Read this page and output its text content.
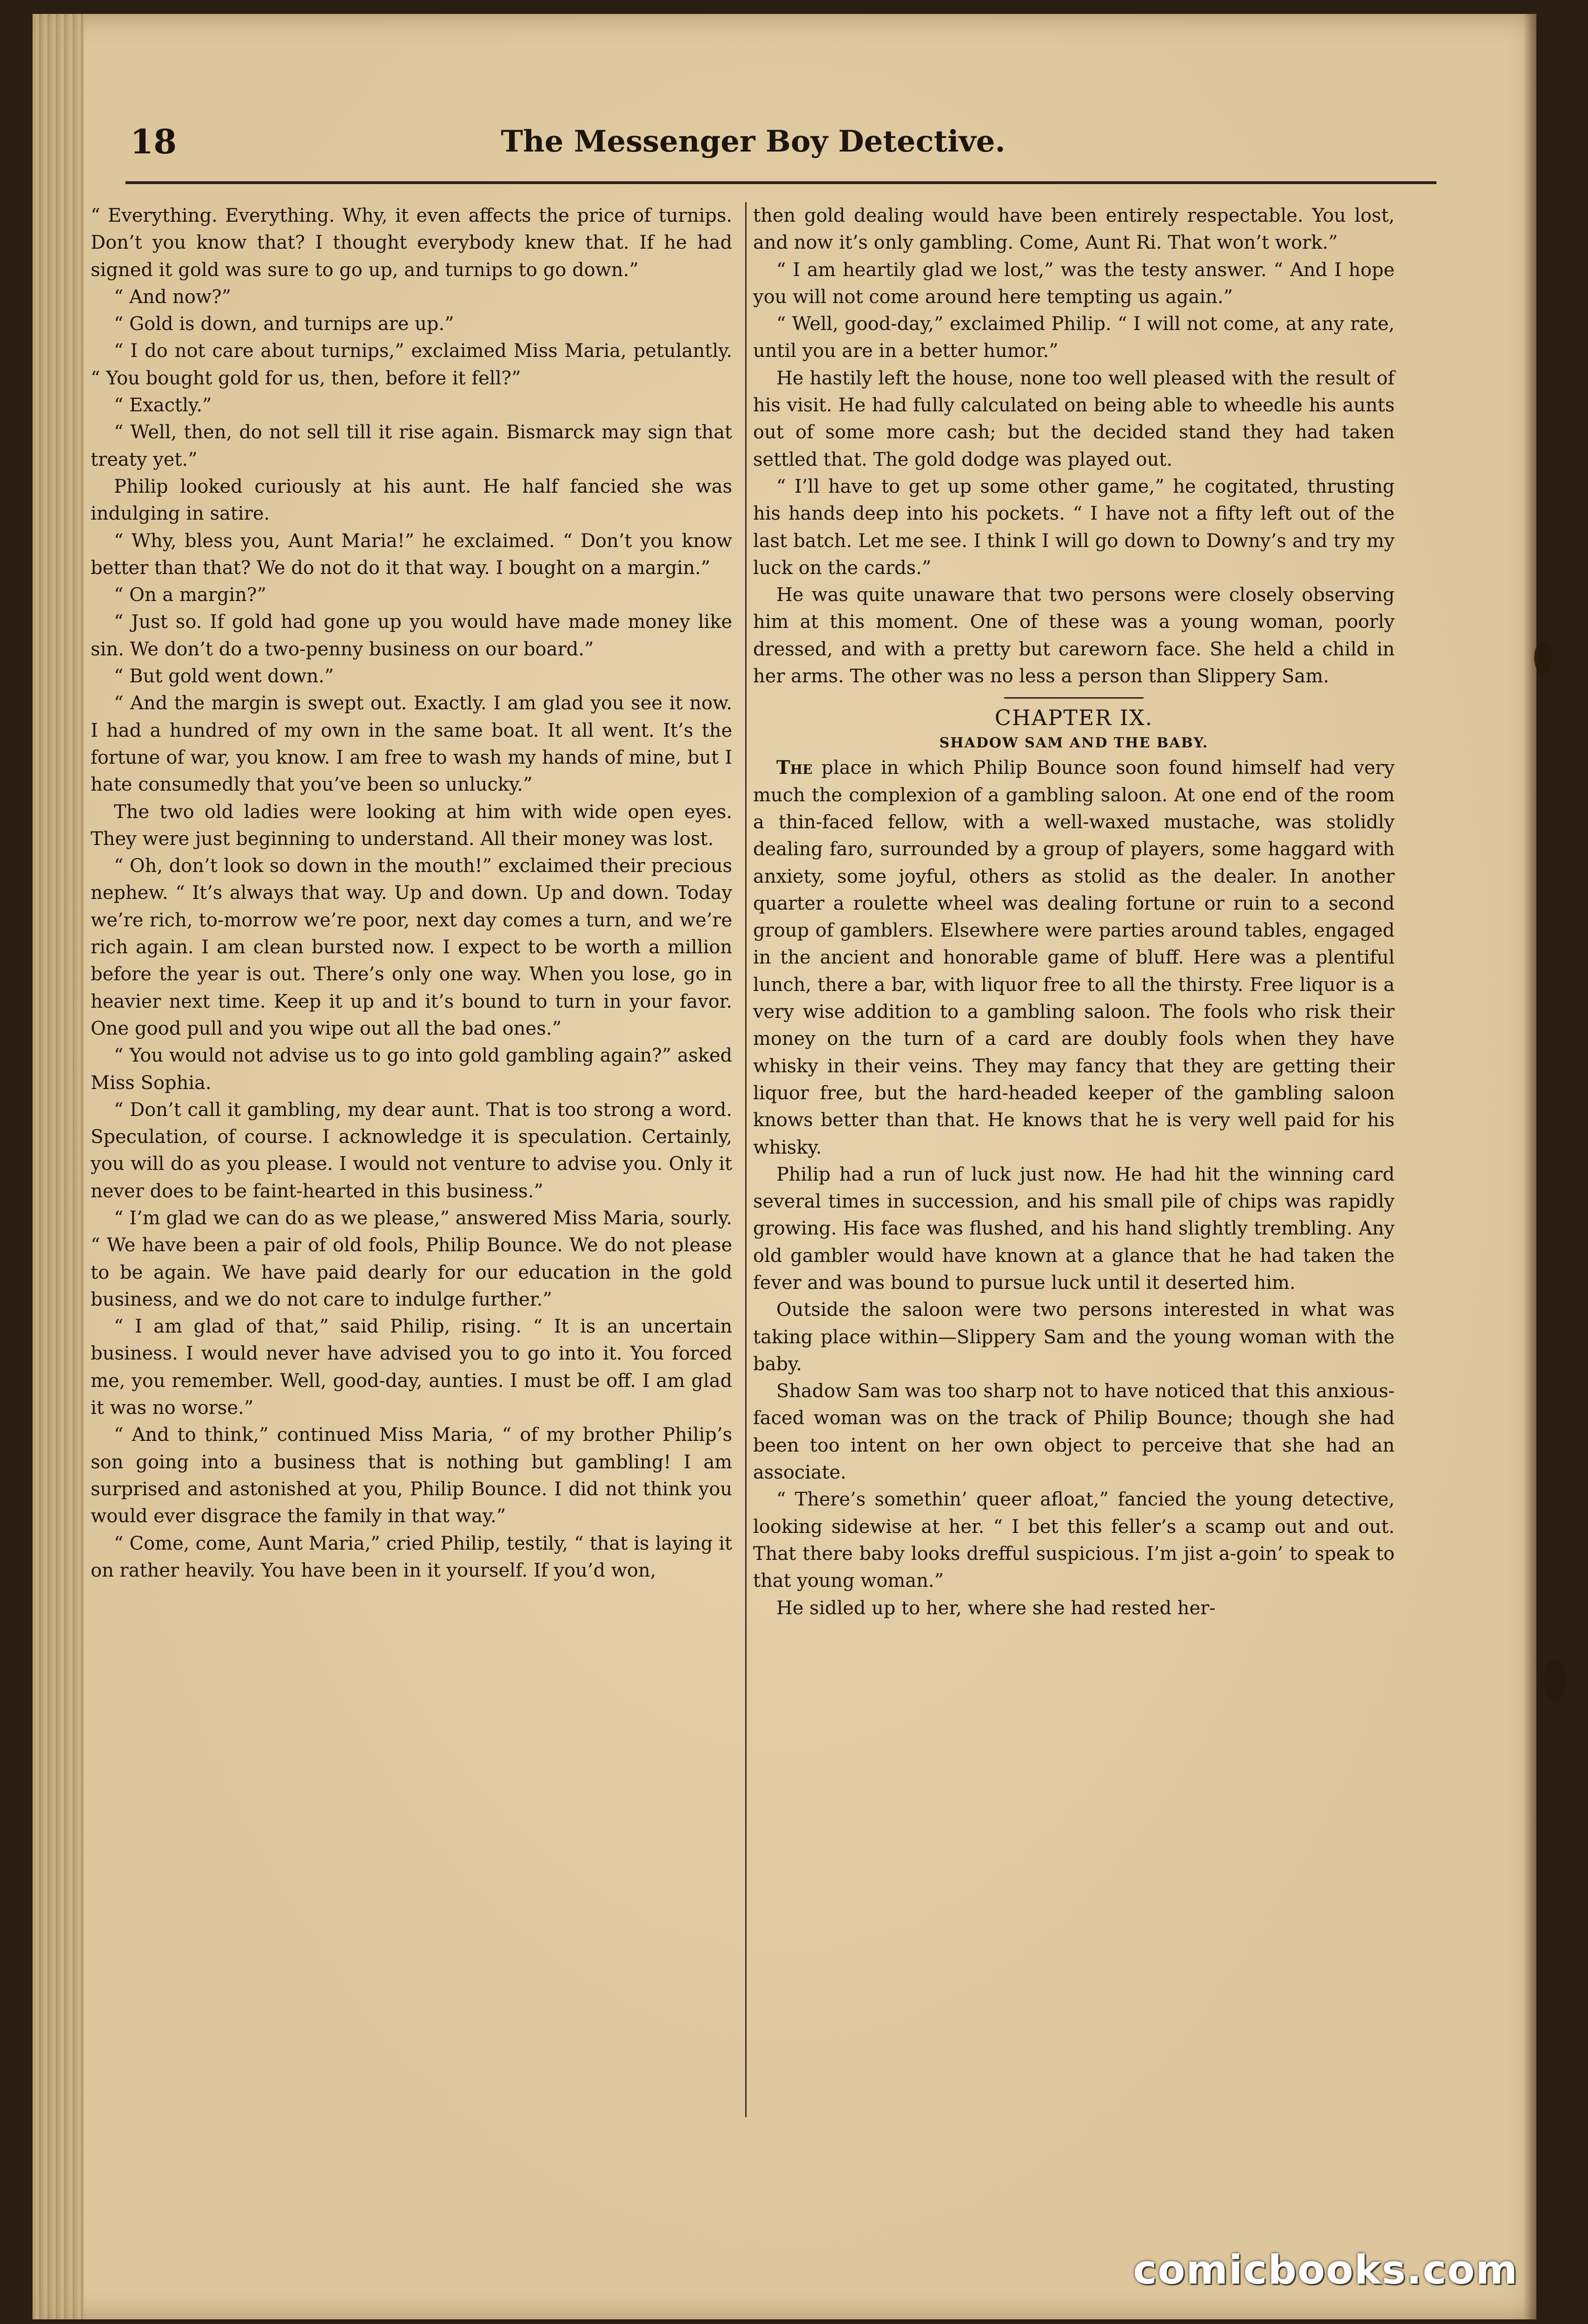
18	The Messenger Boy Detective.

“ Everything. Everything. Why, it even affects the price of turnips. Don’t you know that? I thought everybody knew that. If he had signed it gold was sure to go up, and turnips to go down.”

“ And now?”

“ Gold is down, and turnips are up.”

“ I do not care about turnips,” exclaimed Miss Maria, petulantly. “ You bought gold for us, then, before it fell?”

“ Exactly.”

“ Well, then, do not sell till it rise again. Bismarck may sign that treaty yet.”

Philip looked curiously at his aunt. He half fancied she was indulging in satire.

“ Why, bless you, Aunt Maria!” he exclaimed. “ Don’t you know better than that? We do not do it that way. I bought on a margin.”

“ On a margin?”

“ Just so. If gold had gone up you would have made money like sin. We don’t do a two-penny business on our board.”

“ But gold went down.”

“ And the margin is swept out. Exactly. I am glad you see it now. I had a hundred of my own in the same boat. It all went. It’s the fortune of war, you know. I am free to wash my hands of mine, but I hate consumedly that you’ve been so unlucky.”

The two old ladies were looking at him with wide open eyes. They were just beginning to understand. All their money was lost.

“ Oh, don’t look so down in the mouth!” exclaimed their precious nephew. “ It’s always that way. Up and down. Up and down. Today we’re rich, to-morrow we’re poor, next day comes a turn, and we’re rich again. I am clean bursted now. I expect to be worth a million before the year is out. There’s only one way. When you lose, go in heavier next time. Keep it up and it’s bound to turn in your favor. One good pull and you wipe out all the bad ones.”

“ You would not advise us to go into gold gambling again?” asked Miss Sophia.

“ Don’t call it gambling, my dear aunt. That is too strong a word. Speculation, of course. I acknowledge it is speculation. Certainly, you will do as you please. I would not venture to advise you. Only it never does to be faint-hearted in this business.”

“ I’m glad we can do as we please,” answered Miss Maria, sourly. “ We have been a pair of old fools, Philip Bounce. We do not please to be again. We have paid dearly for our education in the gold business, and we do not care to indulge further.”

“ I am glad of that,” said Philip, rising. “ It is an uncertain business. I would never have advised you to go into it. You forced me, you remember. Well, good-day, aunties. I must be off. I am glad it was no worse.”

“ And to think,” continued Miss Maria, “ of my brother Philip’s son going into a business that is nothing but gambling! I am surprised and astonished at you, Philip Bounce. I did not think you would ever disgrace the family in that way.”

“ Come, come, Aunt Maria,” cried Philip, testily, “ that is laying it on rather heavily. You have been in it yourself. If you’d won,

then gold dealing would have been entirely respectable. You lost, and now it’s only gambling. Come, Aunt Ri. That won’t work.”

“ I am heartily glad we lost,” was the testy answer. “ And I hope you will not come around here tempting us again.”

“ Well, good-day,” exclaimed Philip. “ I will not come, at any rate, until you are in a better humor.”

He hastily left the house, none too well pleased with the result of his visit. He had fully calculated on being able to wheedle his aunts out of some more cash; but the decided stand they had taken settled that. The gold dodge was played out.

“ I’ll have to get up some other game,” he cogitated, thrusting his hands deep into his pockets. “ I have not a fifty left out of the last batch. Let me see. I think I will go down to Downy’s and try my luck on the cards.”

He was quite unaware that two persons were closely observing him at this moment. One of these was a young woman, poorly dressed, and with a pretty but careworn face. She held a child in her arms. The other was no less a person than Slippery Sam.

CHAPTER IX.
SHADOW SAM AND THE BABY.

The place in which Philip Bounce soon found himself had very much the complexion of a gambling saloon. At one end of the room a thin-faced fellow, with a well-waxed mustache, was stolidly dealing faro, surrounded by a group of players, some haggard with anxiety, some joyful, others as stolid as the dealer. In another quarter a roulette wheel was dealing fortune or ruin to a second group of gamblers. Elsewhere were parties around tables, engaged in the ancient and honorable game of bluff. Here was a plentiful lunch, there a bar, with liquor free to all the thirsty. Free liquor is a very wise addition to a gambling saloon. The fools who risk their money on the turn of a card are doubly fools when they have whisky in their veins. They may fancy that they are getting their liquor free, but the hard-headed keeper of the gambling saloon knows better than that. He knows that he is very well paid for his whisky.

Philip had a run of luck just now. He had hit the winning card several times in succession, and his small pile of chips was rapidly growing. His face was flushed, and his hand slightly trembling. Any old gambler would have known at a glance that he had taken the fever and was bound to pursue luck until it deserted him.

Outside the saloon were two persons interested in what was taking place within—Slippery Sam and the young woman with the baby.

Shadow Sam was too sharp not to have noticed that this anxious-faced woman was on the track of Philip Bounce; though she had been too intent on her own object to perceive that she had an associate.

“ There’s somethin’ queer afloat,” fancied the young detective, looking sidewise at her. “ I bet this feller’s a scamp out and out. That there baby looks drefful suspicious. I’m jist a-goin’ to speak to that young woman.”

He sidled up to her, where she had rested her-

comicbooks.com
